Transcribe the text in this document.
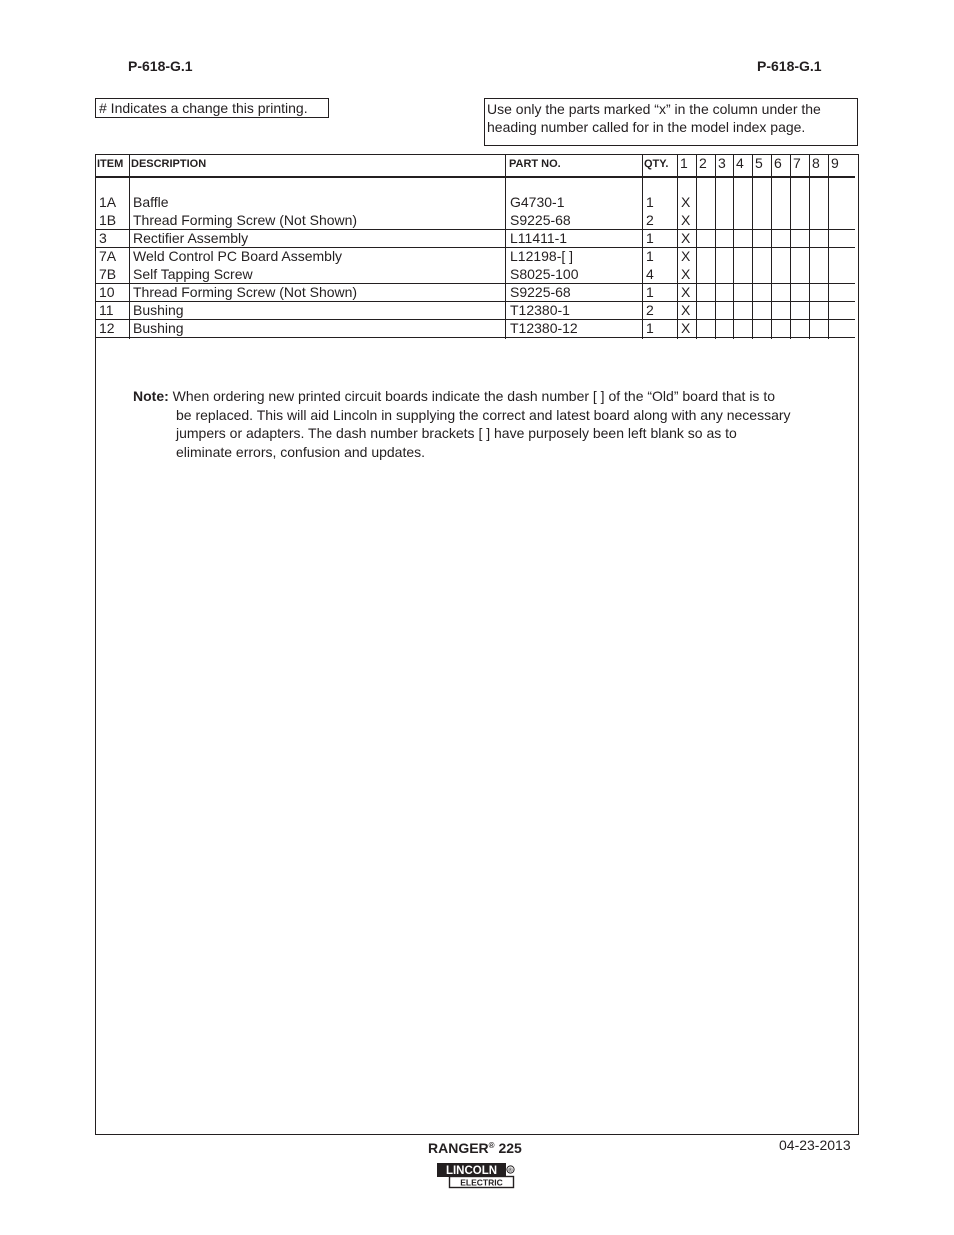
P-618-G.1	P-618-G.1
# Indicates a change this printing.	Use only the parts marked “x” in the column under the heading number called for in the model index page.
ITEM DESCRIPTION	PART NO.	QTY. 1 2 3 4 5 6 7 8 9
1A Baffle	G4730-1	1 X
1B Thread Forming Screw (Not Shown)	S9225-68	2 X
3 Rectifier Assembly	L11411-1	1 X
7A Weld Control PC Board Assembly	L12198-[ ]	1 X
7B Self Tapping Screw	S8025-100	4 X
10 Thread Forming Screw (Not Shown)	S9225-68	1 X
11 Bushing	T12380-1	2 X
12 Bushing	T12380-12	1 X
Note: When ordering new printed circuit boards indicate the dash number [ ] of the “Old” board that is to be replaced. This will aid Lincoln in supplying the correct and latest board along with any necessary jumpers or adapters. The dash number brackets [ ] have purposely been left blank so as to eliminate errors, confusion and updates.
RANGER® 225	04-23-2013
LINCOLN ®
ELECTRIC
